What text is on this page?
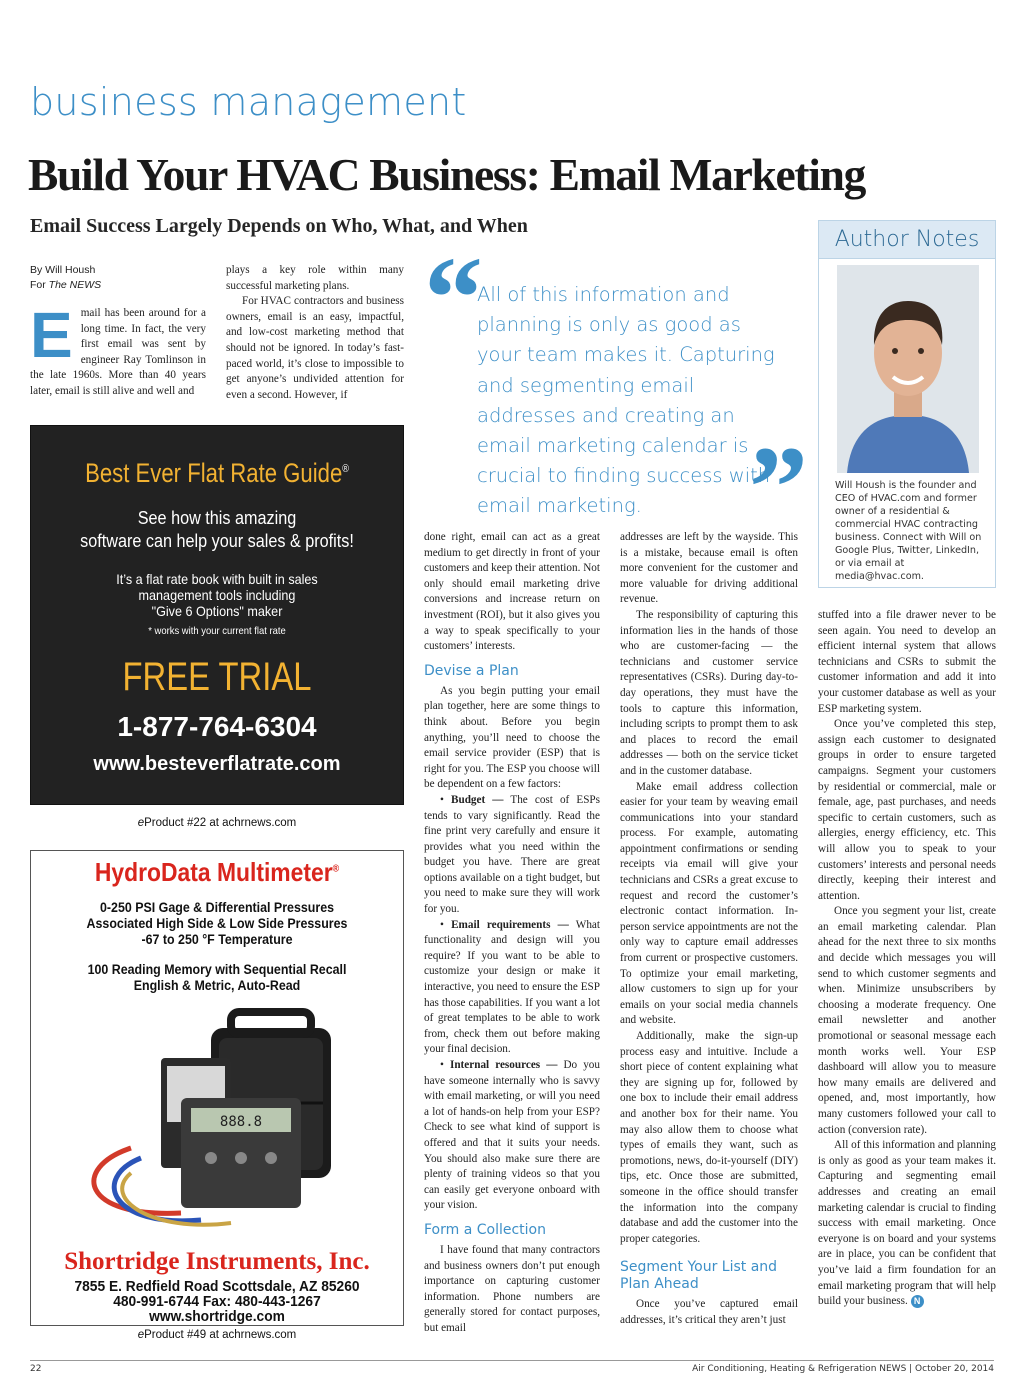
business management
Build Your HVAC Business: Email Marketing
Email Success Largely Depends on Who, What, and When
By Will Housh
For The NEWS
E mail has been around for a long time. In fact, the very first email was sent by engineer Ray Tomlinson in the late 1960s. More than 40 years later, email is still alive and well and

plays a key role within many successful marketing plans.

For HVAC contractors and business owners, email is an easy, impactful, and low-cost marketing method that should not be ignored. In today’s fast-paced world, it’s close to impossible to get anyone’s undivided attention for even a second. However, if

Best Ever Flat Rate Guide®
See how this amazing
software can help your sales & profits!
It’s a flat rate book with built in sales
management tools including
"Give 6 Options" maker
* works with your current flat rate
FREE TRIAL
1-877-764-6304
www.besteverflatrate.com
eProduct #22 at achrnews.com
HydroData Multimeter®
0-250 PSI Gage & Differential Pressures
Associated High Side & Low Side Pressures
-67 to 250 °F Temperature
100 Reading Memory with Sequential Recall
English & Metric, Auto-Read
888.8
Shortridge Instruments, Inc.
7855 E. Redfield Road Scottsdale, AZ 85260
480-991-6744 Fax: 480-443-1267
www.shortridge.com
eProduct #49 at achrnews.com
“
All of this information and planning is only as good as your team makes it. Capturing and segmenting email addresses and creating an email marketing calendar is crucial to finding success with email marketing. ”
Author Notes
Will Housh is the founder and CEO of HVAC.com and former owner of a residential & commercial HVAC contracting business. Connect with Will on Google Plus, Twitter, LinkedIn, or via email at media@hvac.com.

done right, email can act as a great medium to get directly in front of your customers and keep their attention. Not only should email marketing drive conversions and increase return on investment (ROI), but it also gives you a way to speak specifically to your customers’ interests.

Devise a Plan

As you begin putting your email plan together, here are some things to think about. Before you begin anything, you’ll need to choose the email service provider (ESP) that is right for you. The ESP you choose will be dependent on a few factors:

• Budget — The cost of ESPs tends to vary significantly. Read the fine print very carefully and ensure it provides what you need within the budget you have. There are great options available on a tight budget, but you need to make sure they will work for you.

• Email requirements — What functionality and design will you require? If you want to be able to customize your design or make it interactive, you need to ensure the ESP has those capabilities. If you want a lot of great templates to be able to work from, check them out before making your final decision.

• Internal resources — Do you have someone internally who is savvy with email marketing, or will you need a lot of hands-on help from your ESP? Check to see what kind of support is offered and that it suits your needs. You should also make sure there are plenty of training videos so that you can easily get everyone onboard with your vision.

Form a Collection

I have found that many contractors and business owners don’t put enough importance on capturing customer information. Phone numbers are generally stored for contact purposes, but email

addresses are left by the wayside. This is a mistake, because email is often more convenient for the customer and more valuable for driving additional revenue.

The responsibility of capturing this information lies in the hands of those who are customer-facing — the technicians and customer service representatives (CSRs). During day-to-day operations, they must have the tools to capture this information, including scripts to prompt them to ask and places to record the email addresses — both on the service ticket and in the customer database.

Make email address collection easier for your team by weaving email communications into your standard process. For example, automating appointment confirmations or sending receipts via email will give your technicians and CSRs a great excuse to request and record the customer’s electronic contact information. In-person service appointments are not the only way to capture email addresses from current or prospective customers. To optimize your email marketing, allow customers to sign up for your emails on your social media channels and website.

Additionally, make the sign-up process easy and intuitive. Include a short piece of content explaining what they are signing up for, followed by one box to include their email address and another box for their name. You may also allow them to choose what types of emails they want, such as promotions, news, do-it-yourself (DIY) tips, etc. Once those are submitted, someone in the office should transfer the information into the company database and add the customer into the proper categories.

Segment Your List and Plan Ahead

Once you’ve captured email addresses, it’s critical they aren’t just

stuffed into a file drawer never to be seen again. You need to develop an efficient internal system that allows technicians and CSRs to submit the customer information and add it into your customer database as well as your ESP marketing system.

Once you’ve completed this step, assign each customer to designated groups in order to ensure targeted campaigns. Segment your customers by residential or commercial, male or female, age, past purchases, and needs specific to certain customers, such as allergies, energy efficiency, etc. This will allow you to speak to your customers’ interests and personal needs directly, keeping their interest and attention.

Once you segment your list, create an email marketing calendar. Plan ahead for the next three to six months and decide which messages you will send to which customer segments and when. Minimize unsubscribers by choosing a moderate frequency. One email newsletter and another promotional or seasonal message each month works well. Your ESP dashboard will allow you to measure how many emails are delivered and opened, and, most importantly, how many customers followed your call to action (conversion rate).

All of this information and planning is only as good as your team makes it. Capturing and segmenting email addresses and creating an email marketing calendar is crucial to finding success with email marketing. Once everyone is on board and your systems are in place, you can be confident that you’ve laid a firm foundation for an email marketing program that will help build your business. N

22	Air Conditioning, Heating & Refrigeration NEWS | October 20, 2014
